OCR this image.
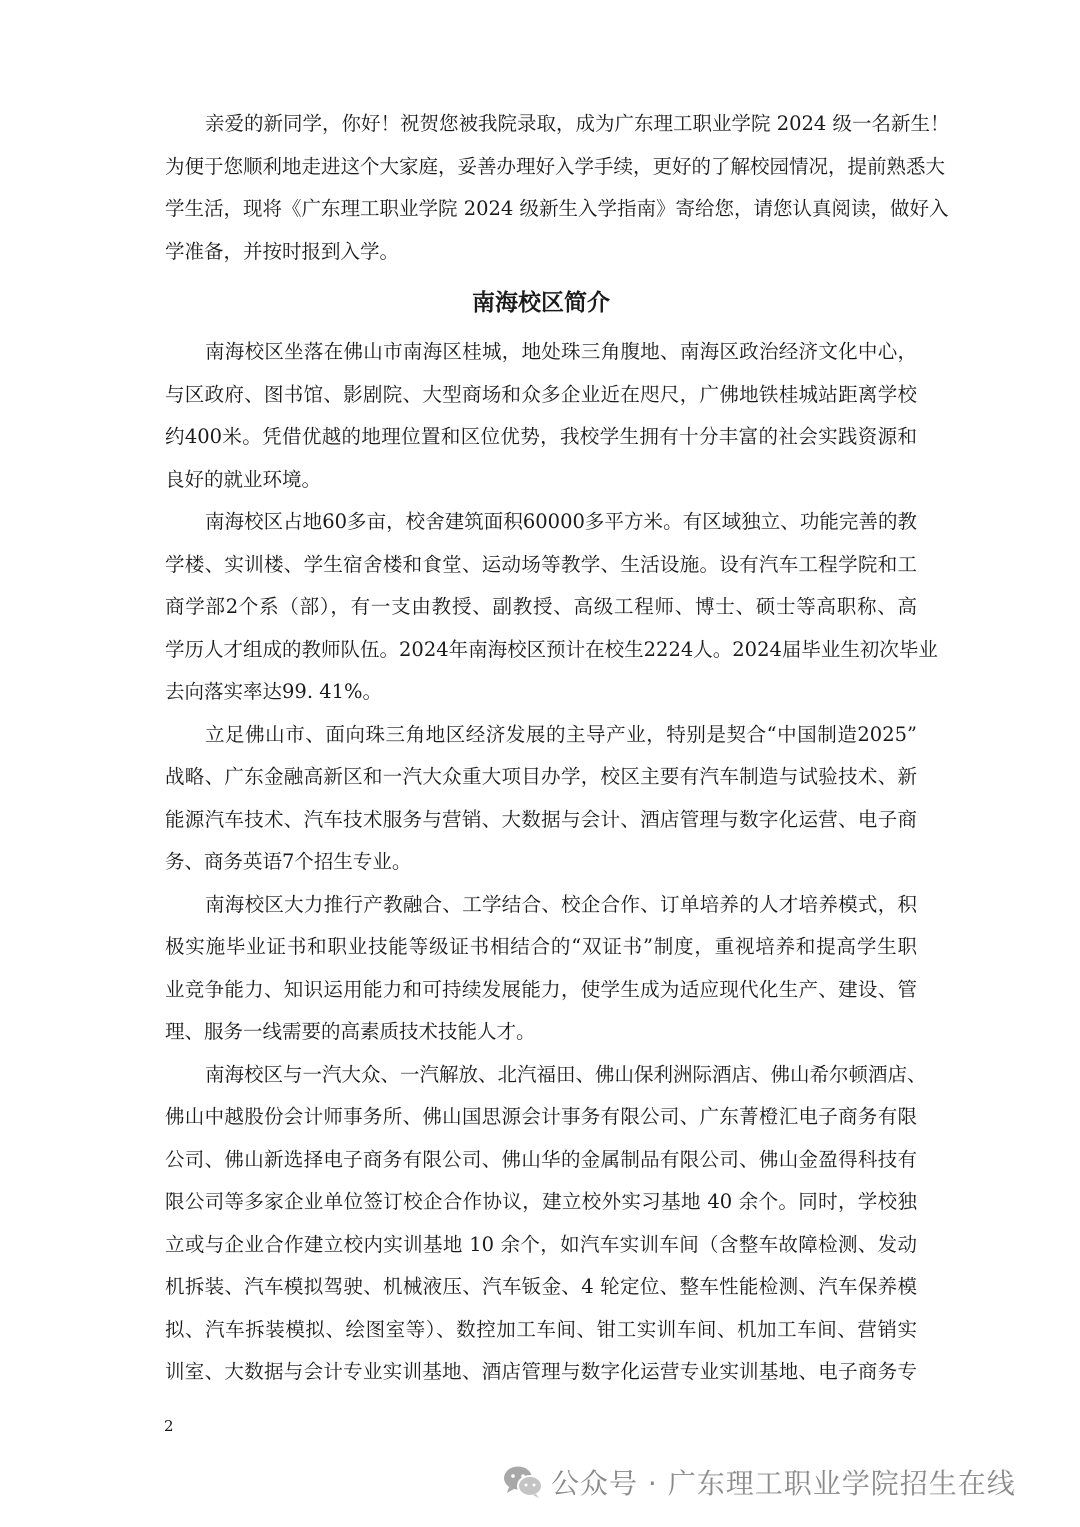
亲爱的新同学，你好！祝贺您被我院录取，成为广东理工职业学院 2024 级一名新生！
为便于您顺利地走进这个大家庭，妥善办理好入学手续，更好的了解校园情况，提前熟悉大
学生活，现将《广东理工职业学院 2024 级新生入学指南》寄给您，请您认真阅读，做好入
学准备，并按时报到入学。
南海校区简介
南海校区坐落在佛山市南海区桂城，地处珠三角腹地、南海区政治经济文化中心，
与区政府、图书馆、影剧院、大型商场和众多企业近在咫尺，广佛地铁桂城站距离学校
约400米。凭借优越的地理位置和区位优势，我校学生拥有十分丰富的社会实践资源和
良好的就业环境。
南海校区占地60多亩，校舍建筑面积60000多平方米。有区域独立、功能完善的教
学楼、实训楼、学生宿舍楼和食堂、运动场等教学、生活设施。设有汽车工程学院和工
商学部2个系（部），有一支由教授、副教授、高级工程师、博士、硕士等高职称、高
学历人才组成的教师队伍。2024年南海校区预计在校生2224人。2024届毕业生初次毕业
去向落实率达99. 41%。
立足佛山市、面向珠三角地区经济发展的主导产业，特别是契合“中国制造2025”
战略、广东金融高新区和一汽大众重大项目办学，校区主要有汽车制造与试验技术、新
能源汽车技术、汽车技术服务与营销、大数据与会计、酒店管理与数字化运营、电子商
务、商务英语7个招生专业。
南海校区大力推行产教融合、工学结合、校企合作、订单培养的人才培养模式，积
极实施毕业证书和职业技能等级证书相结合的“双证书”制度，重视培养和提高学生职
业竞争能力、知识运用能力和可持续发展能力，使学生成为适应现代化生产、建设、管
理、服务一线需要的高素质技术技能人才。
南海校区与一汽大众、一汽解放、北汽福田、佛山保利洲际酒店、佛山希尔顿酒店、
佛山中越股份会计师事务所、佛山国思源会计事务有限公司、广东菁橙汇电子商务有限
公司、佛山新选择电子商务有限公司、佛山华的金属制品有限公司、佛山金盈得科技有
限公司等多家企业单位签订校企合作协议，建立校外实习基地 40 余个。同时，学校独
立或与企业合作建立校内实训基地 10 余个，如汽车实训车间（含整车故障检测、发动
机拆装、汽车模拟驾驶、机械液压、汽车钣金、4 轮定位、整车性能检测、汽车保养模
拟、汽车拆装模拟、绘图室等）、数控加工车间、钳工实训车间、机加工车间、营销实
训室、大数据与会计专业实训基地、酒店管理与数字化运营专业实训基地、电子商务专
2
公众号 · 广东理工职业学院招生在线
